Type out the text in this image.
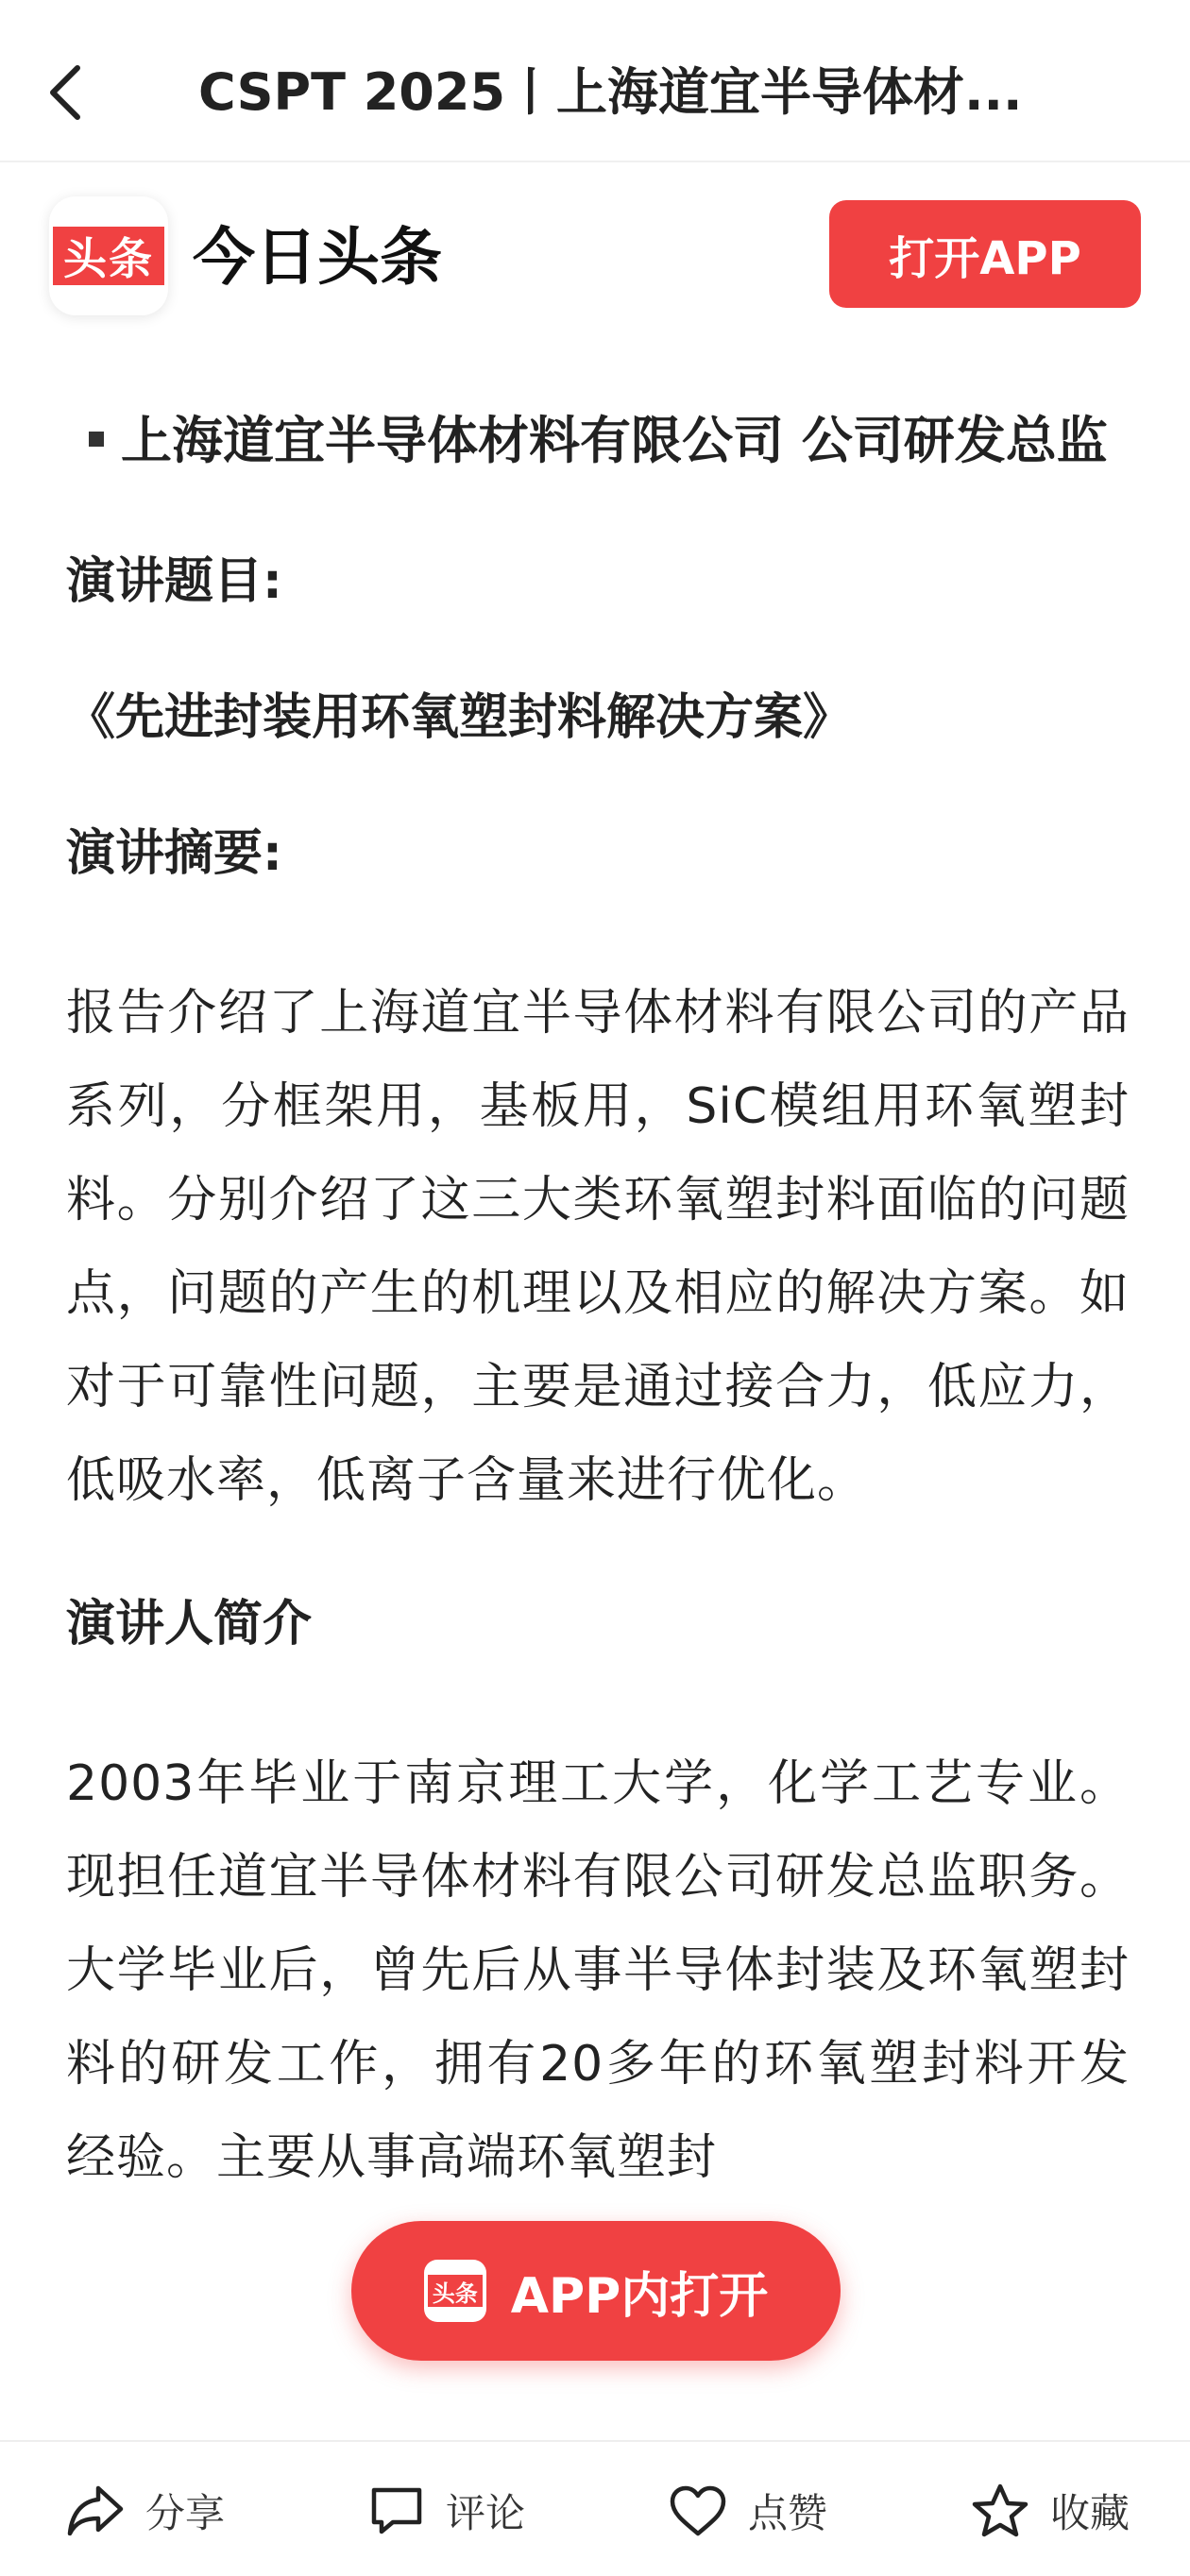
CSPT 2025丨上海道宜半导体材...
头条 今日头条	打开APP

上海道宜半导体材料有限公司 公司研发总监

演讲题目:

《先进封装用环氧塑封料解决方案》

演讲摘要:

报告介绍了上海道宜半导体材料有限公司的产品系列，分框架用，基板用，SiC模组用环氧塑封料。分别介绍了这三大类环氧塑封料面临的问题点，问题的产生的机理以及相应的解决方案。如对于可靠性问题，主要是通过接合力，低应力，低吸水率，低离子含量来进行优化。

演讲人简介

2003年毕业于南京理工大学，化学工艺专业。现担任道宜半导体材料有限公司研发总监职务。大学毕业后，曾先后从事半导体封装及环氧塑封料的研发工作，拥有20多年的环氧塑封料开发经验。主要从事高端环氧塑封

头条 APP内打开
分享	评论	点赞	收藏
